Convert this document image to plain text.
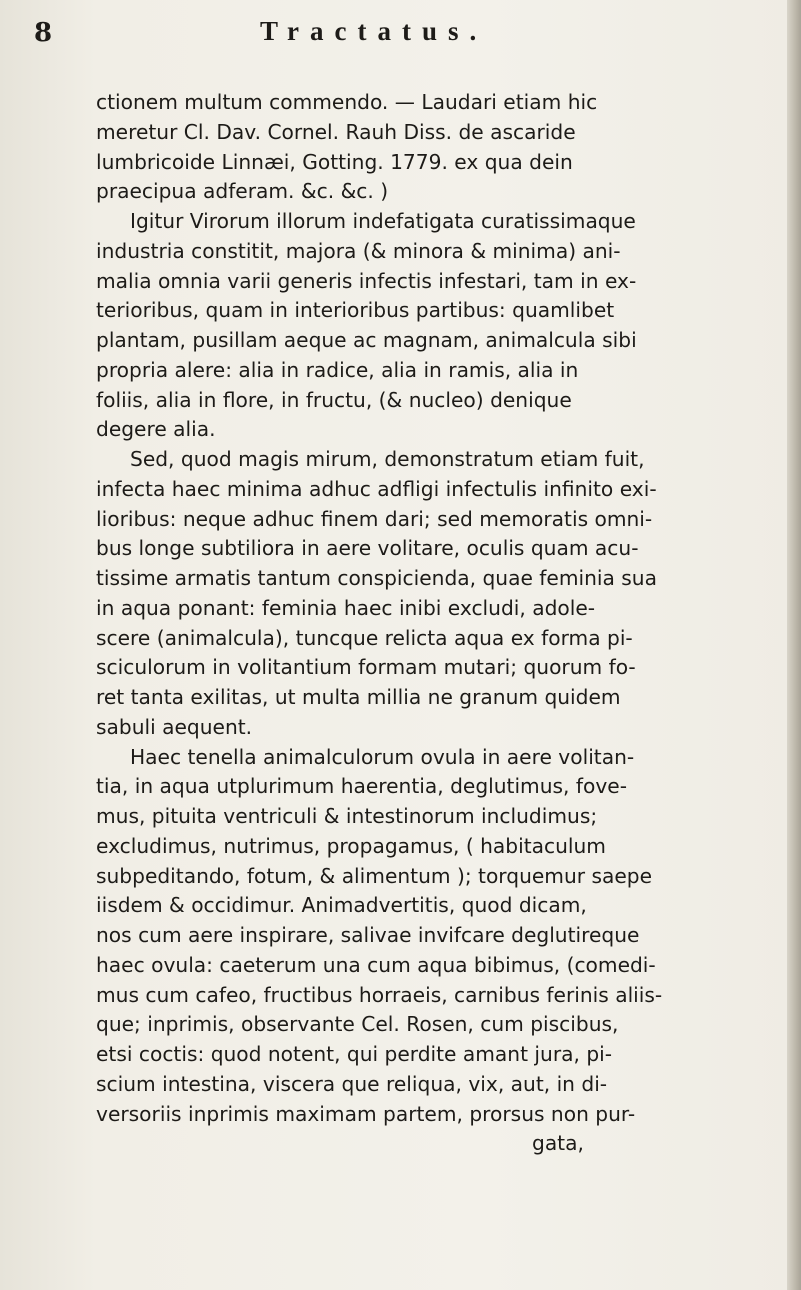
8	Tractatus.
ctionem multum commendo. — Laudari etiam hic
meretur Cl. Dav. Cornel. Rauh Diss. de ascaride
lumbricoide Linnæi, Gotting. 1779. ex qua dein
praecipua adferam. &c. &c. )
Igitur Virorum illorum indefatigata curatissimaque
industria constitit, majora (& minora & minima) ani-
malia omnia varii generis infectis infestari, tam in ex-
terioribus, quam in interioribus partibus: quamlibet
plantam, pusillam aeque ac magnam, animalcula sibi
propria alere: alia in radice, alia in ramis, alia in
foliis, alia in flore, in fructu, (& nucleo) denique
degere alia.
Sed, quod magis mirum, demonstratum etiam fuit,
infecta haec minima adhuc adfligi infectulis infinito exi-
lioribus: neque adhuc finem dari; sed memoratis omni-
bus longe subtiliora in aere volitare, oculis quam acu-
tissime armatis tantum conspicienda, quae feminia sua
in aqua ponant: feminia haec inibi excludi, adole-
scere (animalcula), tuncque relicta aqua ex forma pi-
sciculorum in volitantium formam mutari; quorum fo-
ret tanta exilitas, ut multa millia ne granum quidem
sabuli aequent.
Haec tenella animalculorum ovula in aere volitan-
tia, in aqua utplurimum haerentia, deglutimus, fove-
mus, pituita ventriculi & intestinorum includimus;
excludimus, nutrimus, propagamus, ( habitaculum
subpeditando, fotum, & alimentum ); torquemur saepe
iisdem & occidimur. Animadvertitis, quod dicam,
nos cum aere inspirare, salivae invifcare deglutireque
haec ovula: caeterum una cum aqua bibimus, (comedi-
mus cum cafeo, fructibus horraeis, carnibus ferinis aliis-
que; inprimis, observante Cel. Rosen, cum piscibus,
etsi coctis: quod notent, qui perdite amant jura, pi-
scium intestina, viscera que reliqua, vix, aut, in di-
versoriis inprimis maximam partem, prorsus non pur-
gata,
